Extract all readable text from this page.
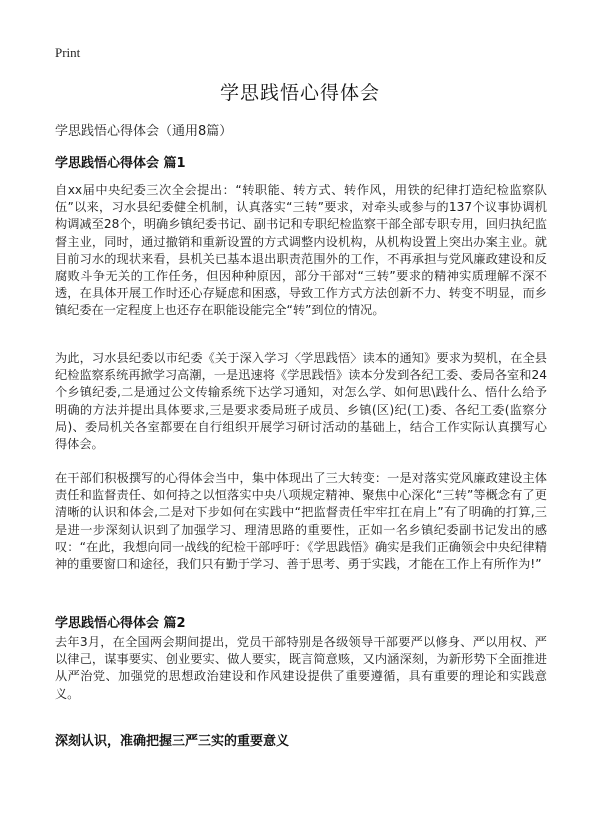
Print
学思践悟心得体会
学思践悟心得体会（通用8篇）
学思践悟心得体会 篇1

自xx届中央纪委三次全会提出：“转职能、转方式、转作风，用铁的纪律打造纪检监察队伍”以来，习水县纪委健全机制，认真落实“三转”要求，对牵头或参与的137个议事协调机构调减至28个，明确乡镇纪委书记、副书记和专职纪检监察干部全部专职专用，回归执纪监督主业，同时，通过撤销和重新设置的方式调整内设机构，从机构设置上突出办案主业。就目前习水的现状来看，县机关已基本退出职责范围外的工作，不再承担与党风廉政建设和反腐败斗争无关的工作任务，但因种种原因，部分干部对“三转”要求的精神实质理解不深不透，在具体开展工作时还心存疑虑和困惑，导致工作方式方法创新不力、转变不明显，而乡镇纪委在一定程度上也还存在职能设能完全“转”到位的情况。

为此，习水县纪委以市纪委《关于深入学习〈学思践悟〉读本的通知》要求为契机，在全县纪检监察系统再掀学习高潮，一是迅速将《学思践悟》读本分发到各纪工委、委局各室和24个乡镇纪委,二是通过公文传输系统下达学习通知，对怎么学、如何思\践什么、悟什么给予明确的方法并提出具体要求,三是要求委局班子成员、乡镇(区)纪(工)委、各纪工委(监察分局)、委局机关各室都要在自行组织开展学习研讨活动的基础上，结合工作实际认真撰写心得体会。

在干部们积极撰写的心得体会当中，集中体现出了三大转变：一是对落实党风廉政建设主体责任和监督责任、如何持之以恒落实中央八项规定精神、聚焦中心深化“三转”等概念有了更清晰的认识和体会,二是对下步如何在实践中“把监督责任牢牢扛在肩上”有了明确的打算,三是进一步深刻认识到了加强学习、理清思路的重要性，正如一名乡镇纪委副书记发出的感叹：“在此，我想向同一战线的纪检干部呼吁：《学思践悟》确实是我们正确领会中央纪律精神的重要窗口和途径，我们只有勤于学习、善于思考、勇于实践，才能在工作上有所作为!”

学思践悟心得体会 篇2

去年3月，在全国两会期间提出，党员干部特别是各级领导干部要严以修身、严以用权、严以律己，谋事要实、创业要实、做人要实，既言简意赅，又内涵深刻，为新形势下全面推进从严治党、加强党的思想政治建设和作风建设提供了重要遵循，具有重要的理论和实践意义。

深刻认识，准确把握三严三实的重要意义
